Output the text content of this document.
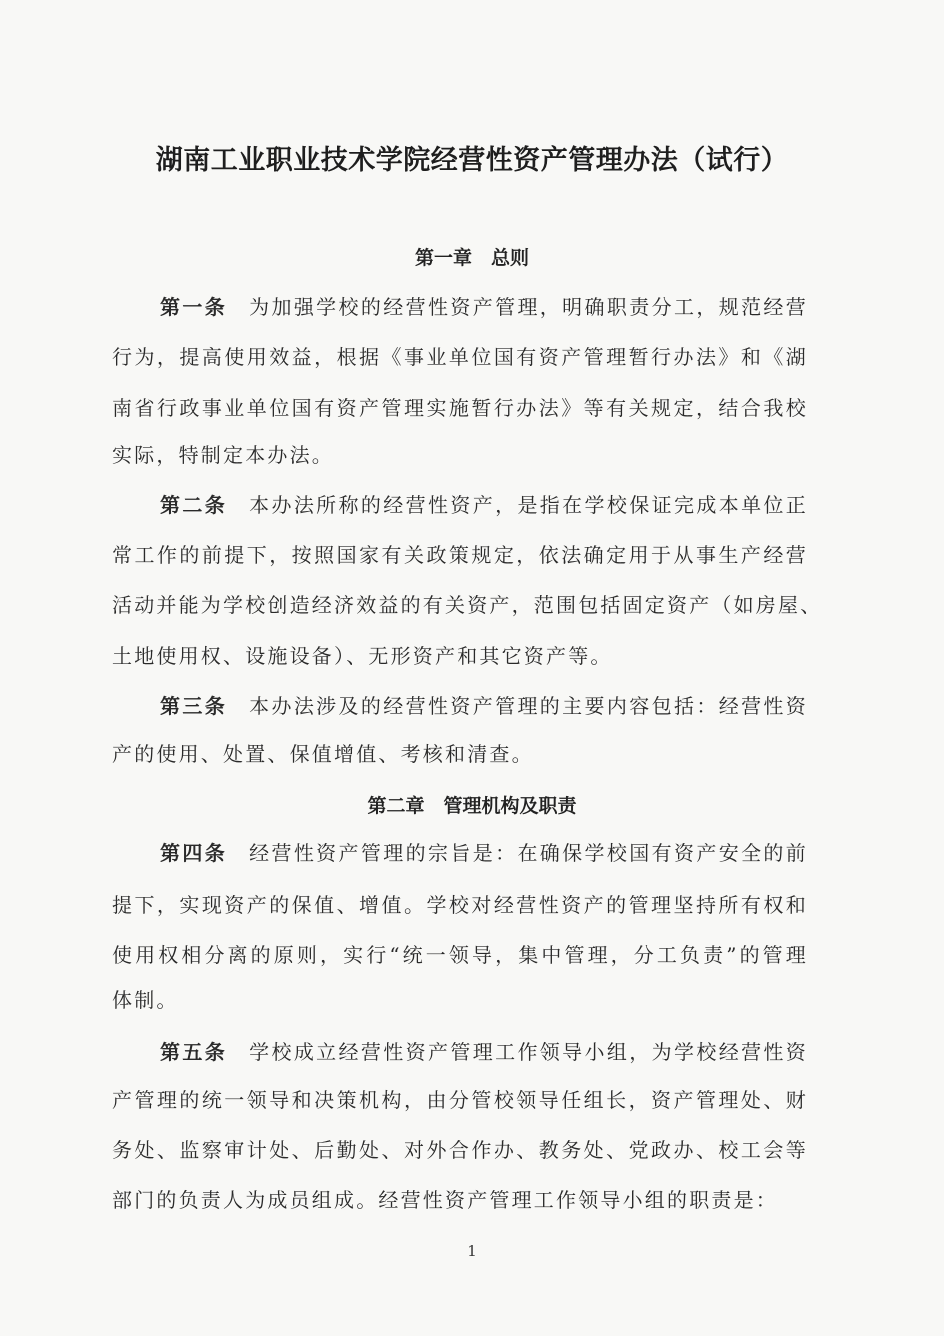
湖南工业职业技术学院经营性资产管理办法（试行）
第一章　总则
第二章　管理机构及职责
第一条 为加强学校的经营性资产管理，明确职责分工，规范经营
行为，提高使用效益，根据《事业单位国有资产管理暂行办法》和《湖
南省行政事业单位国有资产管理实施暂行办法》等有关规定，结合我校
实际，特制定本办法。
第二条 本办法所称的经营性资产，是指在学校保证完成本单位正
常工作的前提下，按照国家有关政策规定，依法确定用于从事生产经营
活动并能为学校创造经济效益的有关资产，范围包括固定资产（如房屋、
土地使用权、设施设备）、无形资产和其它资产等。
第三条 本办法涉及的经营性资产管理的主要内容包括：经营性资
产的使用、处置、保值增值、考核和清查。
第四条 经营性资产管理的宗旨是：在确保学校国有资产安全的前
提下，实现资产的保值、增值。学校对经营性资产的管理坚持所有权和
使用权相分离的原则，实行“统一领导，集中管理，分工负责”的管理
体制。
第五条 学校成立经营性资产管理工作领导小组，为学校经营性资
产管理的统一领导和决策机构，由分管校领导任组长，资产管理处、财
务处、监察审计处、后勤处、对外合作办、教务处、党政办、校工会等
部门的负责人为成员组成。经营性资产管理工作领导小组的职责是：
1
